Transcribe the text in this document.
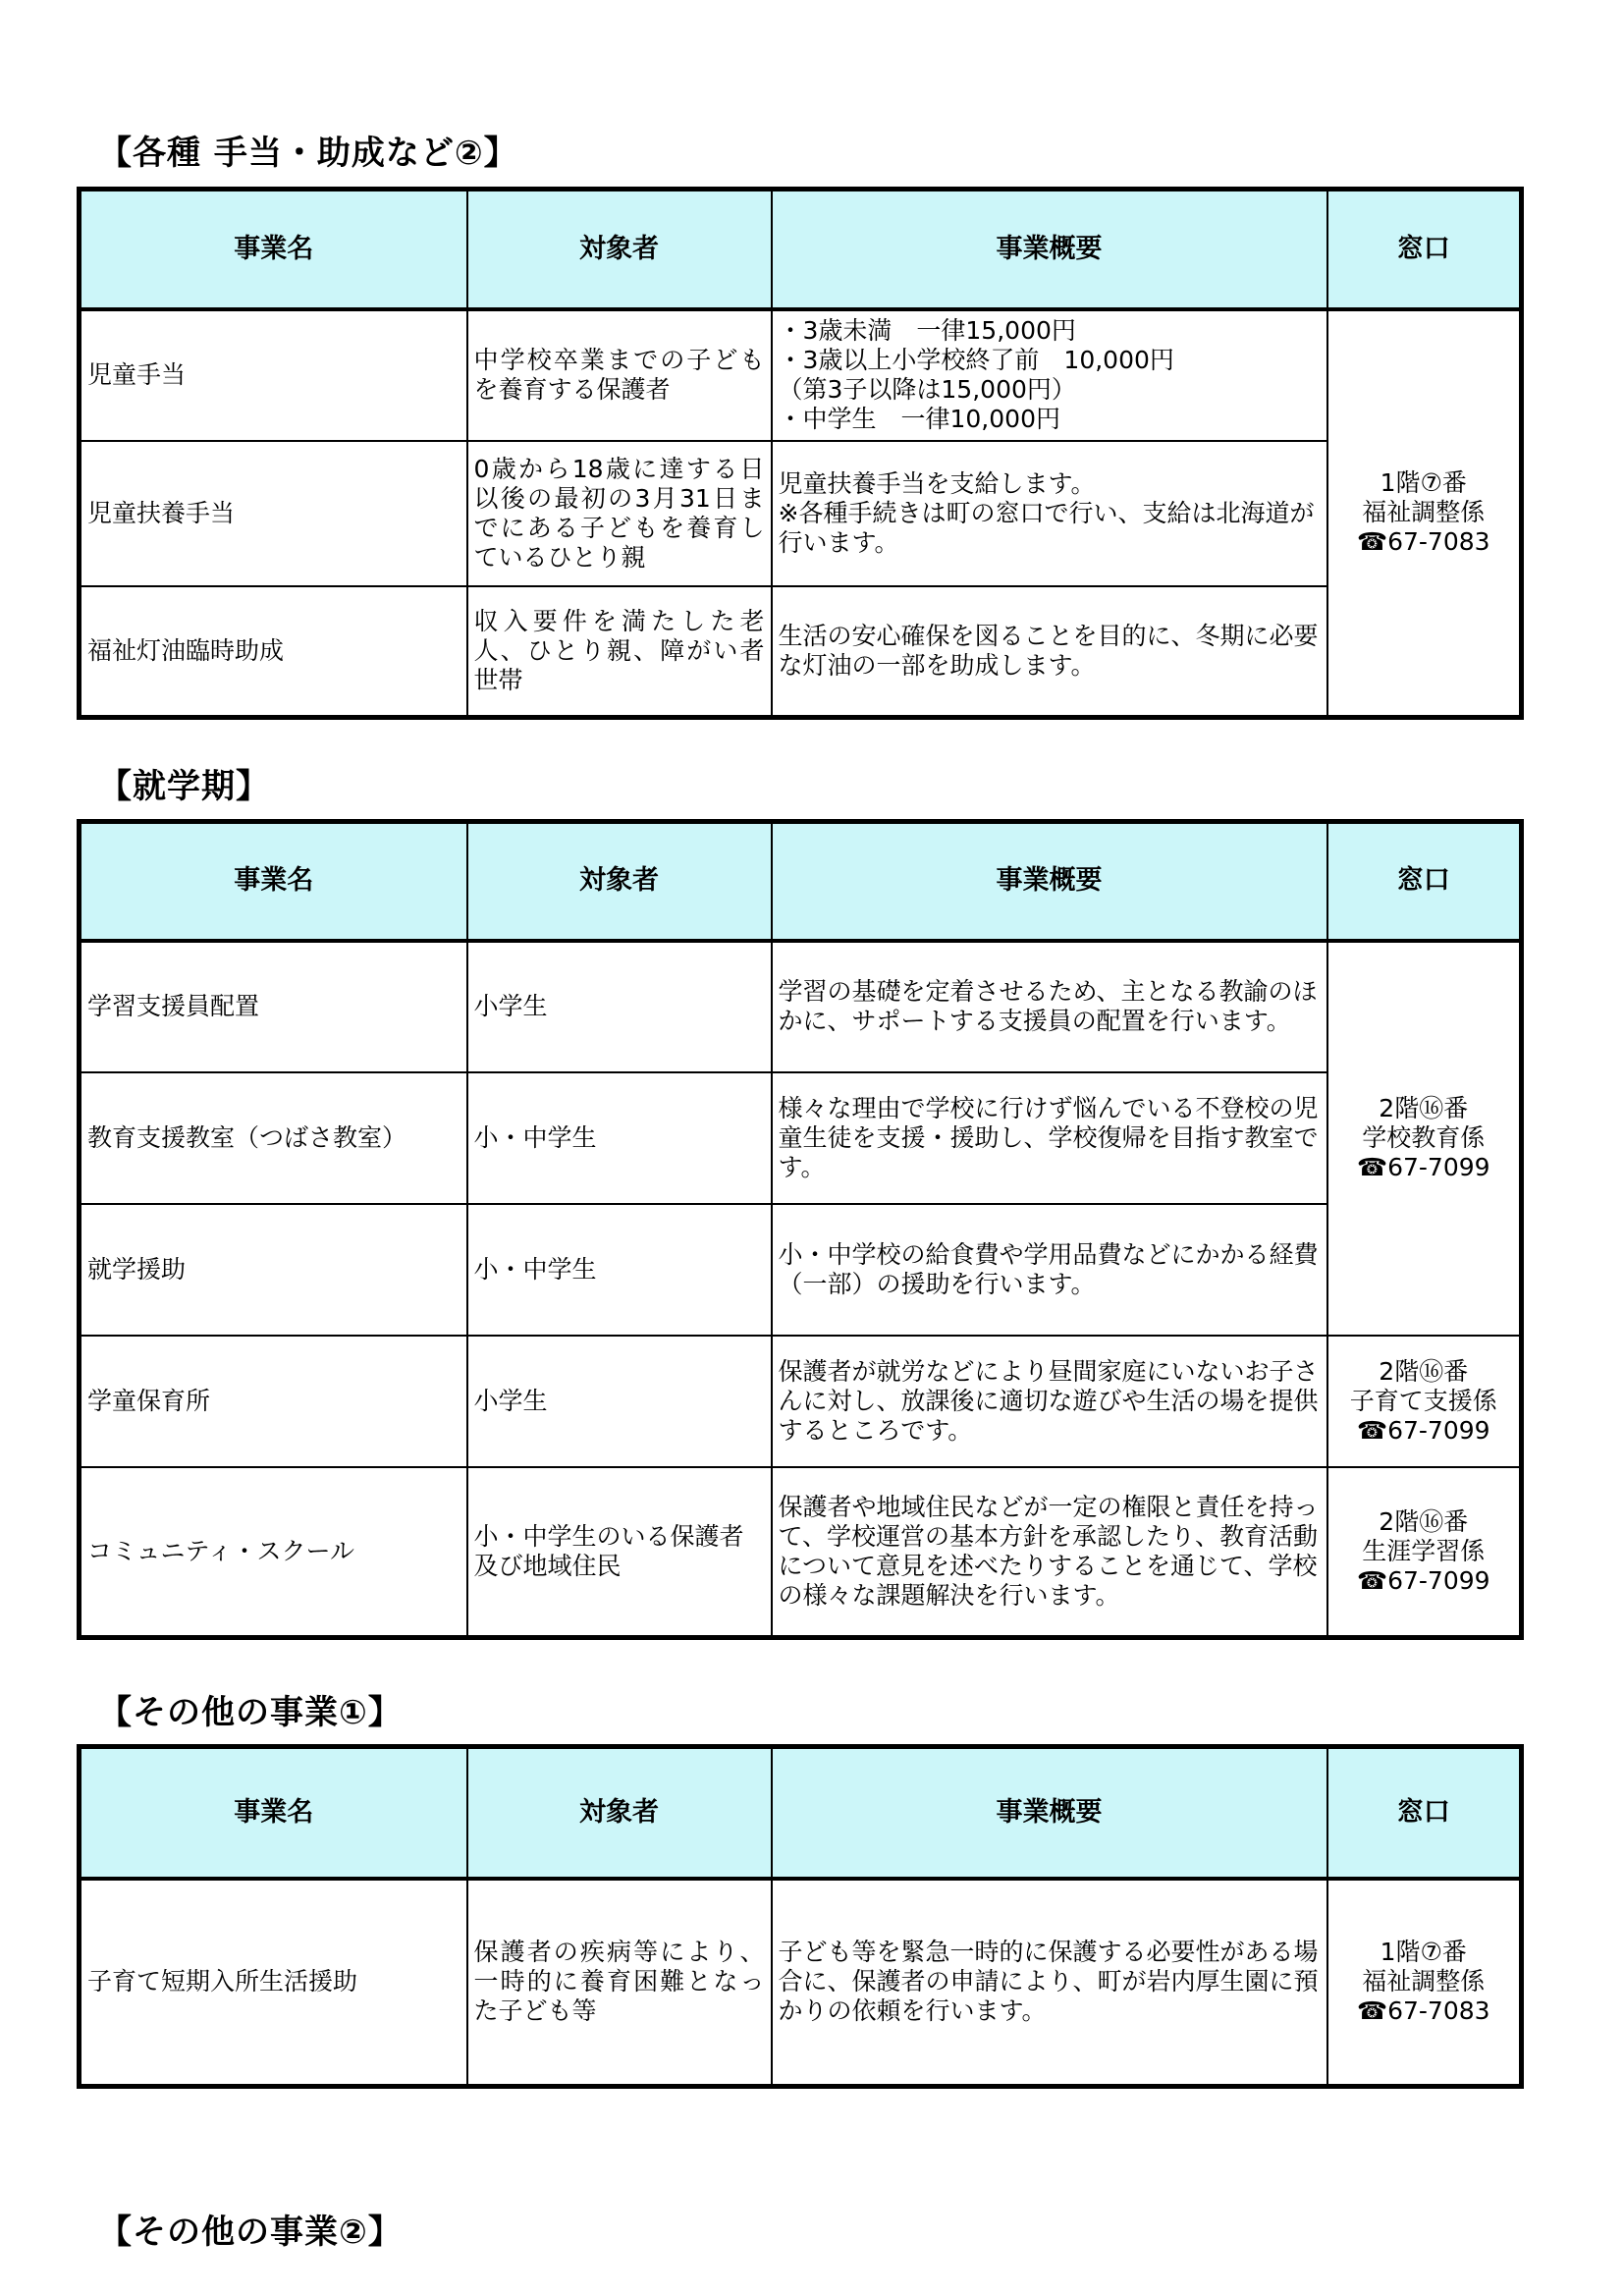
【各種 手当・助成など②】
事業名	対象者	事業概要	窓口
児童手当	中学校卒業までの子どもを養育する保護者	・3歳未満　一律15,000円
・3歳以上小学校終了前　10,000円
（第3子以降は15,000円）
・中学生　一律10,000円	1階⑦番
福祉調整係
☎67-7083

児童扶養手当	0歳から18歳に達する日以後の最初の3月31日までにある子どもを養育しているひとり親	児童扶養手当を支給します。
※各種手続きは町の窓口で行い、支給は北海道が行います。	
福祉灯油臨時助成	収入要件を満たした老人、ひとり親、障がい者世帯	生活の安心確保を図ることを目的に、冬期に必要な灯油の一部を助成します。	
【就学期】
事業名	対象者	事業概要	窓口
学習支援員配置	小学生	学習の基礎を定着させるため、主となる教諭のほかに、サポートする支援員の配置を行います。	2階⑯番
学校教育係
☎67-7099

教育支援教室（つばさ教室）	小・中学生	様々な理由で学校に行けず悩んでいる不登校の児童生徒を支援・援助し、学校復帰を目指す教室です。	
就学援助	小・中学生	小・中学校の給食費や学用品費などにかかる経費（一部）の援助を行います。	
学童保育所	小学生	保護者が就労などにより昼間家庭にいないお子さんに対し、放課後に適切な遊びや生活の場を提供するところです。	2階⑯番
子育て支援係
☎67-7099

コミュニティ・スクール	小・中学生のいる保護者及び地域住民	保護者や地域住民などが一定の権限と責任を持って、学校運営の基本方針を承認したり、教育活動について意見を述べたりすることを通じて、学校の様々な課題解決を行います。	2階⑯番
生涯学習係
☎67-7099
【その他の事業①】
事業名	対象者	事業概要	窓口
子育て短期入所生活援助	保護者の疾病等により、一時的に養育困難となった子ども等	子ども等を緊急一時的に保護する必要性がある場合に、保護者の申請により、町が岩内厚生園に預かりの依頼を行います。	1階⑦番
福祉調整係
☎67-7083
【その他の事業②】
